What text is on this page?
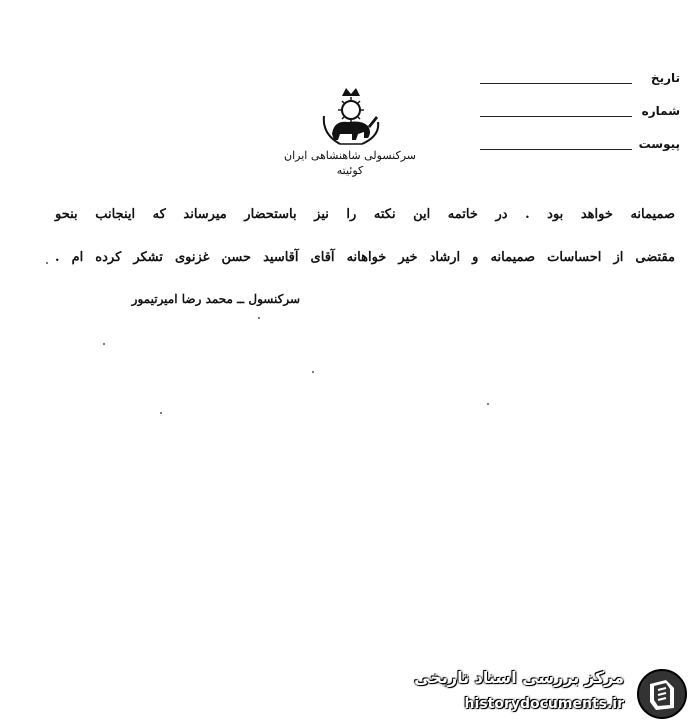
تاریخ
شماره
پیوست
سرکنسولی شاهنشاهی ایران
کوئیته
صمیمانه خواهد بود . در خاتمه این نکته را نیز باستحضار میرساند که اینجانب بنحو
مقتضی از احساسات صمیمانه و ارشاد خیر خواهانه آقای آقاسید حسن غزنوی تشکر کرده ام .
سرکنسول ــ محمد رضا امیرتیمور
مرکز بررسی اسناد تاریخی
historydocuments.ir
